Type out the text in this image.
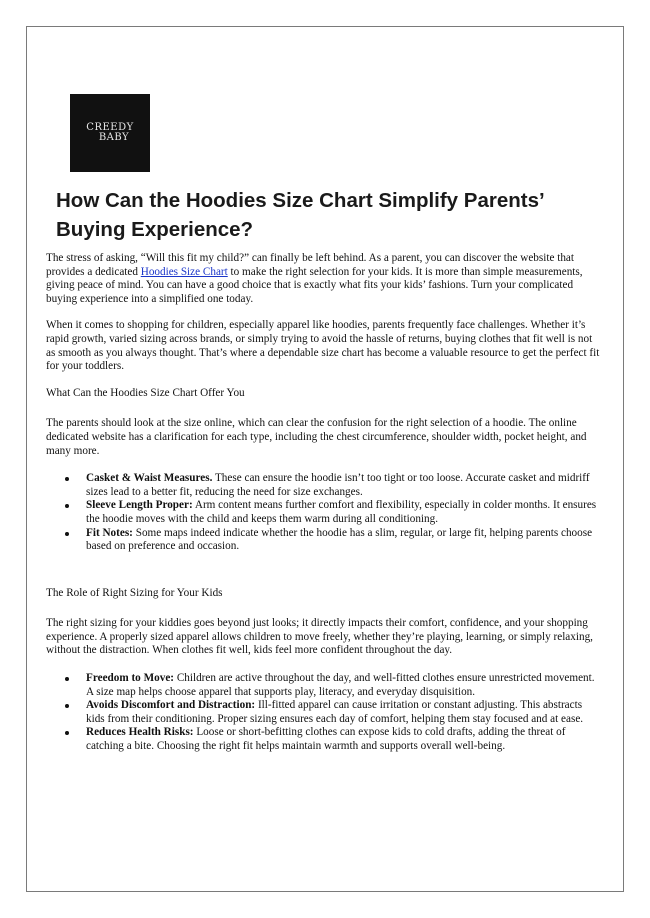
CREEDY
BABY
How Can the Hoodies Size Chart Simplify Parents’ Buying Experience?

The stress of asking, “Will this fit my child?” can finally be left behind. As a parent, you can discover the website that provides a dedicated Hoodies Size Chart to make the right selection for your kids. It is more than simple measurements, giving peace of mind. You can have a good choice that is exactly what fits your kids’ fashions. Turn your complicated buying experience into a simplified one today.

When it comes to shopping for children, especially apparel like hoodies, parents frequently face challenges. Whether it’s rapid growth, varied sizing across brands, or simply trying to avoid the hassle of returns, buying clothes that fit well is not as smooth as you always thought. That’s where a dependable size chart has become a valuable resource to get the perfect fit for your toddlers.

What Can the Hoodies Size Chart Offer You

The parents should look at the size online, which can clear the confusion for the right selection of a hoodie. The online dedicated website has a clarification for each type, including the chest circumference, shoulder width, pocket height, and many more.

Casket & Waist Measures. These can ensure the hoodie isn’t too tight or too loose. Accurate casket and midriff sizes lead to a better fit, reducing the need for size exchanges.
Sleeve Length Proper: Arm content means further comfort and flexibility, especially in colder months. It ensures the hoodie moves with the child and keeps them warm during all conditioning.
Fit Notes: Some maps indeed indicate whether the hoodie has a slim, regular, or large fit, helping parents choose based on preference and occasion.

The Role of Right Sizing for Your Kids

The right sizing for your kiddies goes beyond just looks; it directly impacts their comfort, confidence, and your shopping experience. A properly sized apparel allows children to move freely, whether they’re playing, learning, or simply relaxing, without the distraction. When clothes fit well, kids feel more confident throughout the day.

Freedom to Move: Children are active throughout the day, and well-fitted clothes ensure unrestricted movement. A size map helps choose apparel that supports play, literacy, and everyday disquisition.
Avoids Discomfort and Distraction: Ill-fitted apparel can cause irritation or constant adjusting. This abstracts kids from their conditioning. Proper sizing ensures each day of comfort, helping them stay focused and at ease.
Reduces Health Risks: Loose or short-befitting clothes can expose kids to cold drafts, adding the threat of catching a bite. Choosing the right fit helps maintain warmth and supports overall well-being.
